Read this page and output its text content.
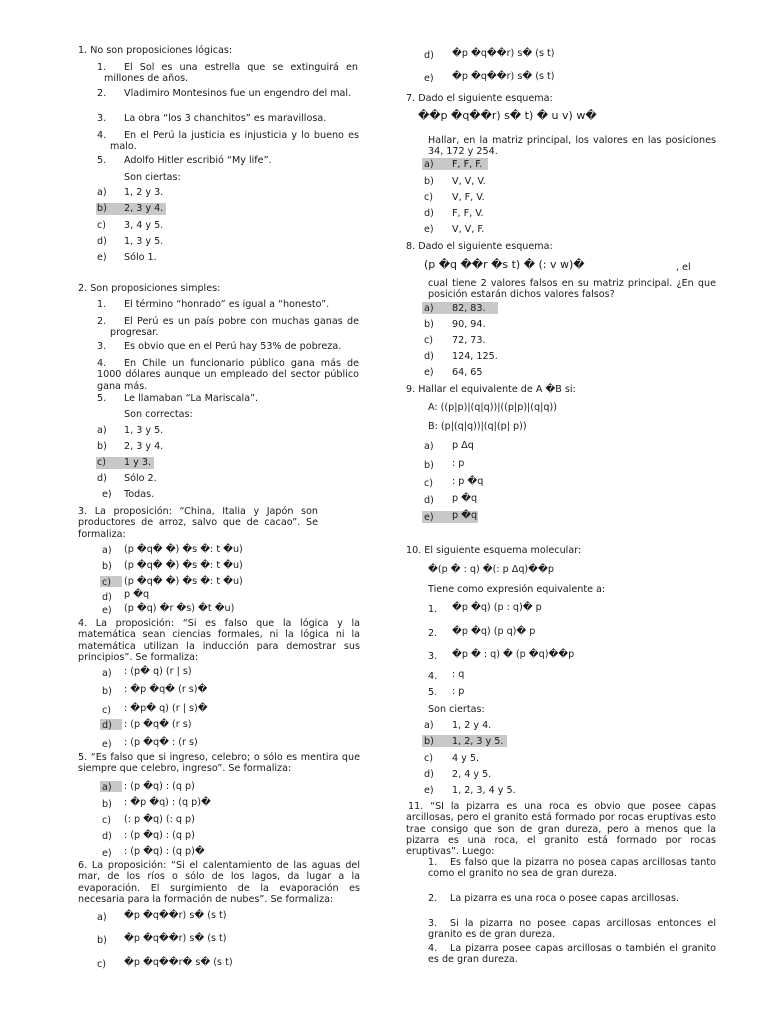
1. No son proposiciones lógicas:
1.	El Sol es una estrella que se extinguirá en millones de años.
2.	Vladimiro Montesinos fue un engendro del mal.
3. La obra “los 3 chanchitos” es maravillosa.
4.	En el Perú la justicia es injusticia y lo bueno es malo.
5. Adolfo Hitler escribió “My life”.
Son ciertas:
a) 1, 2 y 3.
b) 2, 3 y 4.
c) 3, 4 y 5.
d) 1, 3 y 5.
e) Sólo 1.
2. Son proposiciones simples:
1. El término “honrado” es igual a “honesto”.
2.	El Perú es un país pobre con muchas ganas de progresar.
3. Es obvio que en el Perú hay 53% de pobreza.
4.	En Chile un funcionario público gana más de 1000 dólares aunque un empleado del sector público gana más.
5. Le llamaban “La Mariscala”.
Son correctas:
a) 1, 3 y 5.
b) 2, 3 y 4.
c) 1 y 3.
d) Sólo 2.
e) Todas.
3. La proposición: “China, Italia y Japón son productores de arroz, salvo que de cacao”. Se formaliza:
a) (p �q� �) �s �: t �u)
b) (p �q� �) �s �: t �u)
c) (p �q� �) �s �: t �u)
d) p �q
e) (p �q) �r �s) �t �u)
4. La proposición: “Si es falso que la lógica y la matemática sean ciencias formales, ni la lógica ni la matemática utilizan la inducción para demostrar sus principios”. Se formaliza:
a) : (p� q) (r | s)
b) : �p �q� (r s)�
c) : �p� q) (r | s)�
d) : (p �q� (r s)
e) : (p �q� : (r s)
5. “Es falso que si ingreso, celebro; o sólo es mentira que siempre que celebro, ingreso”. Se formaliza:
a) : (p �q) : (q p)
b) : �p �q) : (q p)�
c) (: p �q) (: q p)
d) : (p �q) : (q p)
e) : (p �q) : (q p)�
6. La proposición: “Si el calentamiento de las aguas del mar, de los ríos o sólo de los lagos, da lugar a la evaporación. El surgimiento de la evaporación es necesaria para la formación de nubes”. Se formaliza:
a) �p �q��r) s� (s t)
b) �p �q��r) s� (s t)
c) �p �q��r� s� (s t)
d) �p �q��r) s� (s t)
e) �p �q��r) s� (s t)
7. Dado el siguiente esquema:
��p �q��r) s� t) � u v) w�
Hallar, en la matriz principal, los valores en las posiciones 34, 172 y 254.
a) F, F, F.
b) V, V, V.
c) V, F, V.
d) F, F, V.
e) V, V, F.
8. Dado el siguiente esquema:
(p �q ��r �s t) � (: v w)�	, el
cual tiene 2 valores falsos en su matriz principal. ¿En que posición estarán dichos valores falsos?
a) 82, 83.
b) 90, 94.
c) 72, 73.
d) 124, 125.
e) 64, 65
9. Hallar el equivalente de A �B si:
A: ((p|p)|(q|q))|((p|p)|(q|q))
B: (p|(q|q))|(q|(p| p))
a) p Δq
b) : p
c) : p �q
d) p �q
e) p �q
10. El siguiente esquema molecular:
�(p � : q) �(: p Δq)��p
Tiene como expresión equivalente a:
1. �p �q) (p : q)� p
2. �p �q) (p q)� p
3. �p � : q) � (p �q)��p
4. : q
5. : p
Son ciertas:
a) 1, 2 y 4.
b) 1, 2, 3 y 5.
c) 4 y 5.
d) 2, 4 y 5.
e) 1, 2, 3, 4 y 5.
11. “SI la pizarra es una roca es obvio que posee capas arcillosas, pero el granito está formado por rocas eruptivas esto trae consigo que son de gran dureza, pero a menos que la pizarra es una roca, el granito está formado por rocas eruptivas”. Luego:
1.	Es falso que la pizarra no posea capas arcillosas tanto como el granito no sea de gran dureza.
2.	La pizarra es una roca o posee capas arcillosas.
3.	Si la pizarra no posee capas arcillosas entonces el granito es de gran dureza.
4.	La pizarra posee capas arcillosas o también el granito es de gran dureza.
